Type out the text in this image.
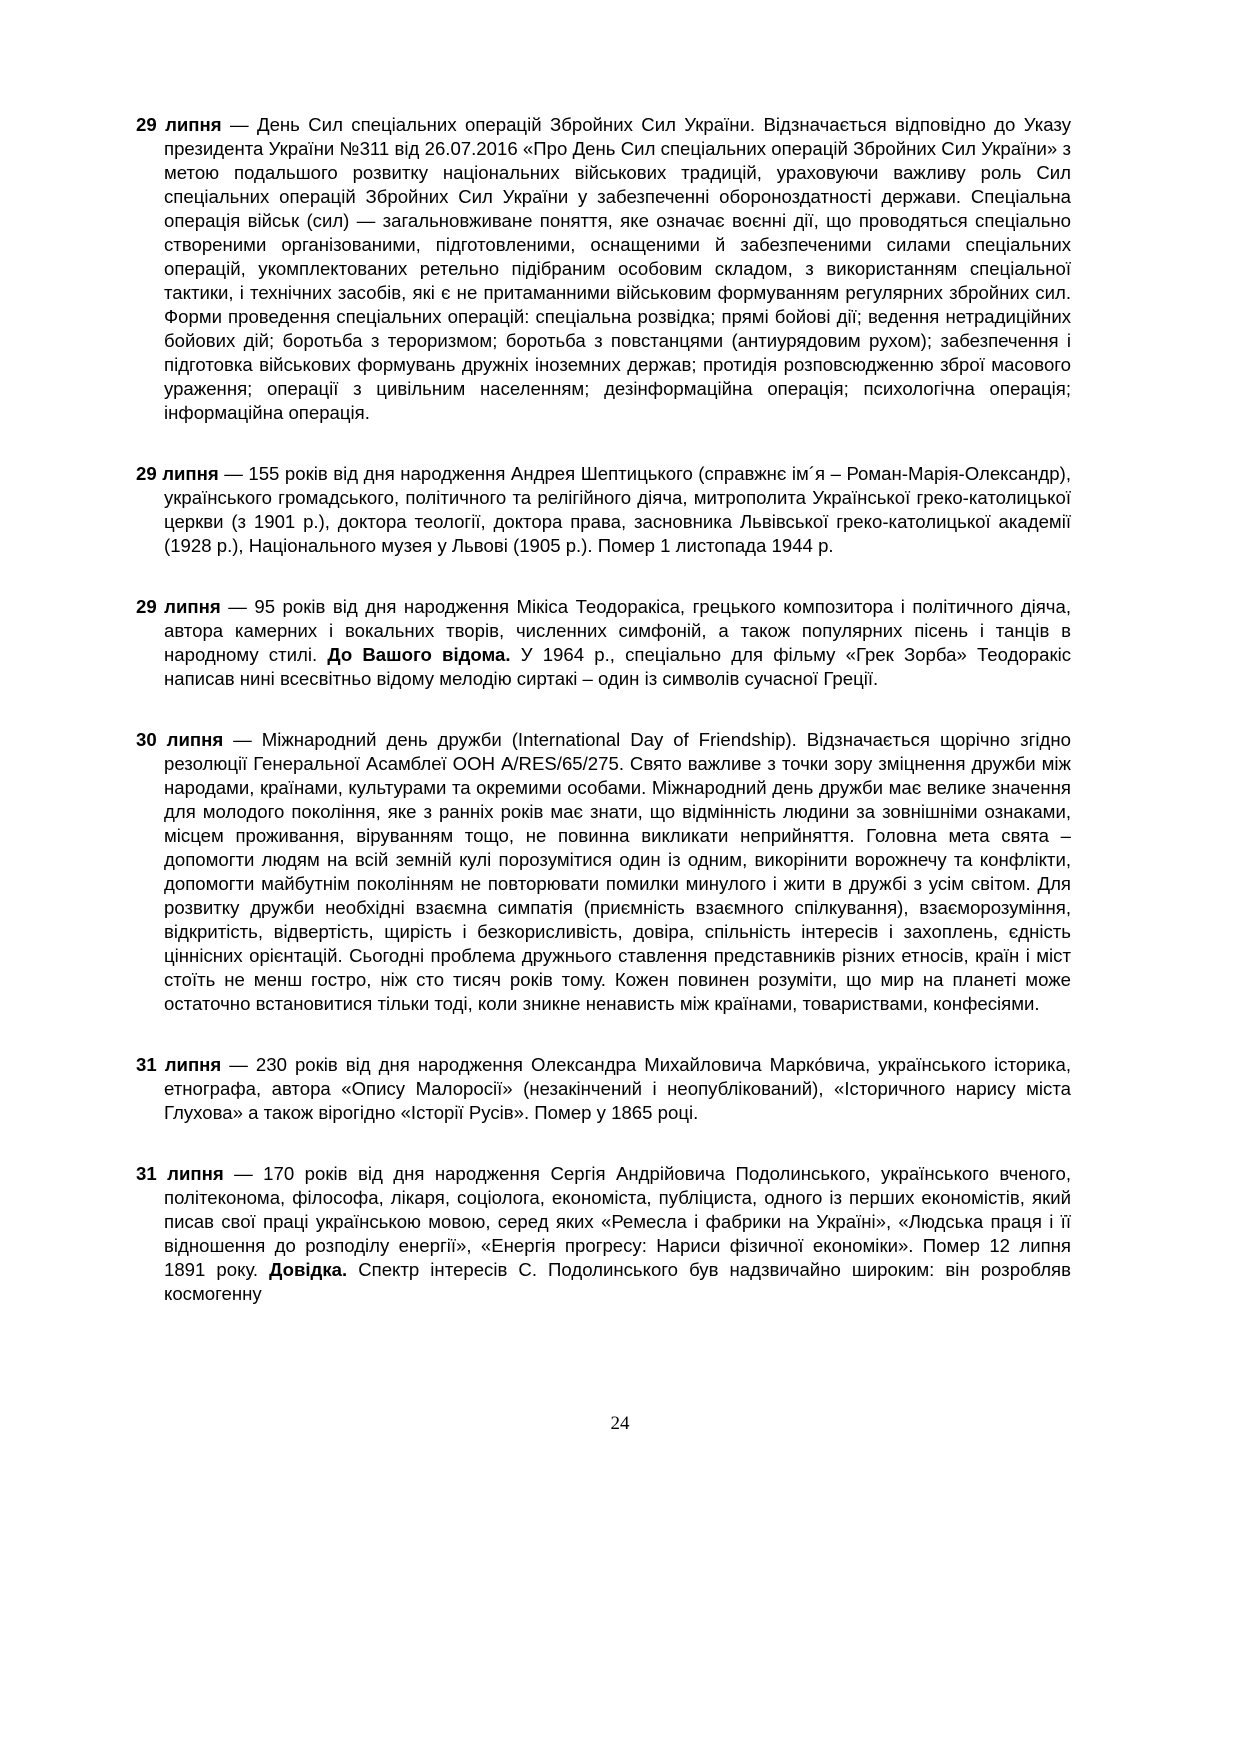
29 липня — День Сил спеціальних операцій Збройних Сил України. Відзначається відповідно до Указу президента України №311 від 26.07.2016 «Про День Сил спеціальних операцій Збройних Сил України» з метою подальшого розвитку національних військових традицій, ураховуючи важливу роль Сил спеціальних операцій Збройних Сил України у забезпеченні обороноздатності держави. Спеціальна операція військ (сил) — загальновживане поняття, яке означає воєнні дії, що проводяться спеціально створеними організованими, підготовленими, оснащеними й забезпеченими силами спеціальних операцій, укомплектованих ретельно підібраним особовим складом, з використанням спеціальної тактики, і технічних засобів, які є не притаманними військовим формуванням регулярних збройних сил. Форми проведення спеціальних операцій: спеціальна розвідка; прямі бойові дії; ведення нетрадиційних бойових дій; боротьба з тероризмом; боротьба з повстанцями (антиурядовим рухом); забезпечення і підготовка військових формувань дружніх іноземних держав; протидія розповсюдженню зброї масового ураження; операції з цивільним населенням; дезінформаційна операція; психологічна операція; інформаційна операція.

29 липня — 155 років від дня народження Андрея Шептицького (справжнє ім´я – Роман-Марія-Олександр), українського громадського, політичного та релігійного діяча, митрополита Української греко-католицької церкви (з 1901 р.), доктора теології, доктора права, засновника Львівської греко-католицької академії (1928 р.), Національного музея у Львові (1905 р.). Помер 1 листопада 1944 р.

29 липня — 95 років від дня народження Мікіса Теодоракіса, грецького композитора і політичного діяча, автора камерних і вокальних творів, численних симфоній, а також популярних пісень і танців в народному стилі. До Вашого відома. У 1964 р., спеціально для фільму «Грек Зорба» Теодоракіс написав нині всесвітньо відому мелодію сиртакі – один із символів сучасної Греції.

30 липня — Міжнародний день дружби (International Day of Friendship). Відзначається щорічно згідно резолюції Генеральної Асамблеї ООН A/RES/65/275. Свято важливе з точки зору зміцнення дружби між народами, країнами, культурами та окремими особами. Міжнародний день дружби має велике значення для молодого покоління, яке з ранніх років має знати, що відмінність людини за зовнішніми ознаками, місцем проживання, віруванням тощо, не повинна викликати неприйняття. Головна мета свята – допомогти людям на всій земній кулі порозумітися один із одним, викорінити ворожнечу та конфлікти, допомогти майбутнім поколінням не повторювати помилки минулого і жити в дружбі з усім світом. Для розвитку дружби необхідні взаємна симпатія (приємність взаємного спілкування), взаєморозуміння, відкритість, відвертість, щирість і безкорисливість, довіра, спільність інтересів і захоплень, єдність ціннісних орієнтацій. Сьогодні проблема дружнього ставлення представників різних етносів, країн і міст стоїть не менш гостро, ніж сто тисяч років тому. Кожен повинен розуміти, що мир на планеті може остаточно встановитися тільки тоді, коли зникне ненависть між країнами, товариствами, конфесіями.

31 липня — 230 років від дня народження Олександра Михайловича Марко́вича, українського історика, етнографа, автора «Опису Малоросії» (незакінчений і неопублікований), «Історичного нарису міста Глухова» а також вірогідно «Історії Русів». Помер у 1865 році.

31 липня — 170 років від дня народження Сергія Андрійовича Подолинського, українського вченого, політеконома, філософа, лікаря, соціолога, економіста, публіциста, одного із перших економістів, який писав свої праці українською мовою, серед яких «Ремесла і фабрики на Україні», «Людська праця і її відношення до розподілу енергії», «Енергія прогресу: Нариси фізичної економіки». Помер 12 липня 1891 року. Довідка. Спектр інтересів С. Подолинського був надзвичайно широким: він розробляв космогенну

24
